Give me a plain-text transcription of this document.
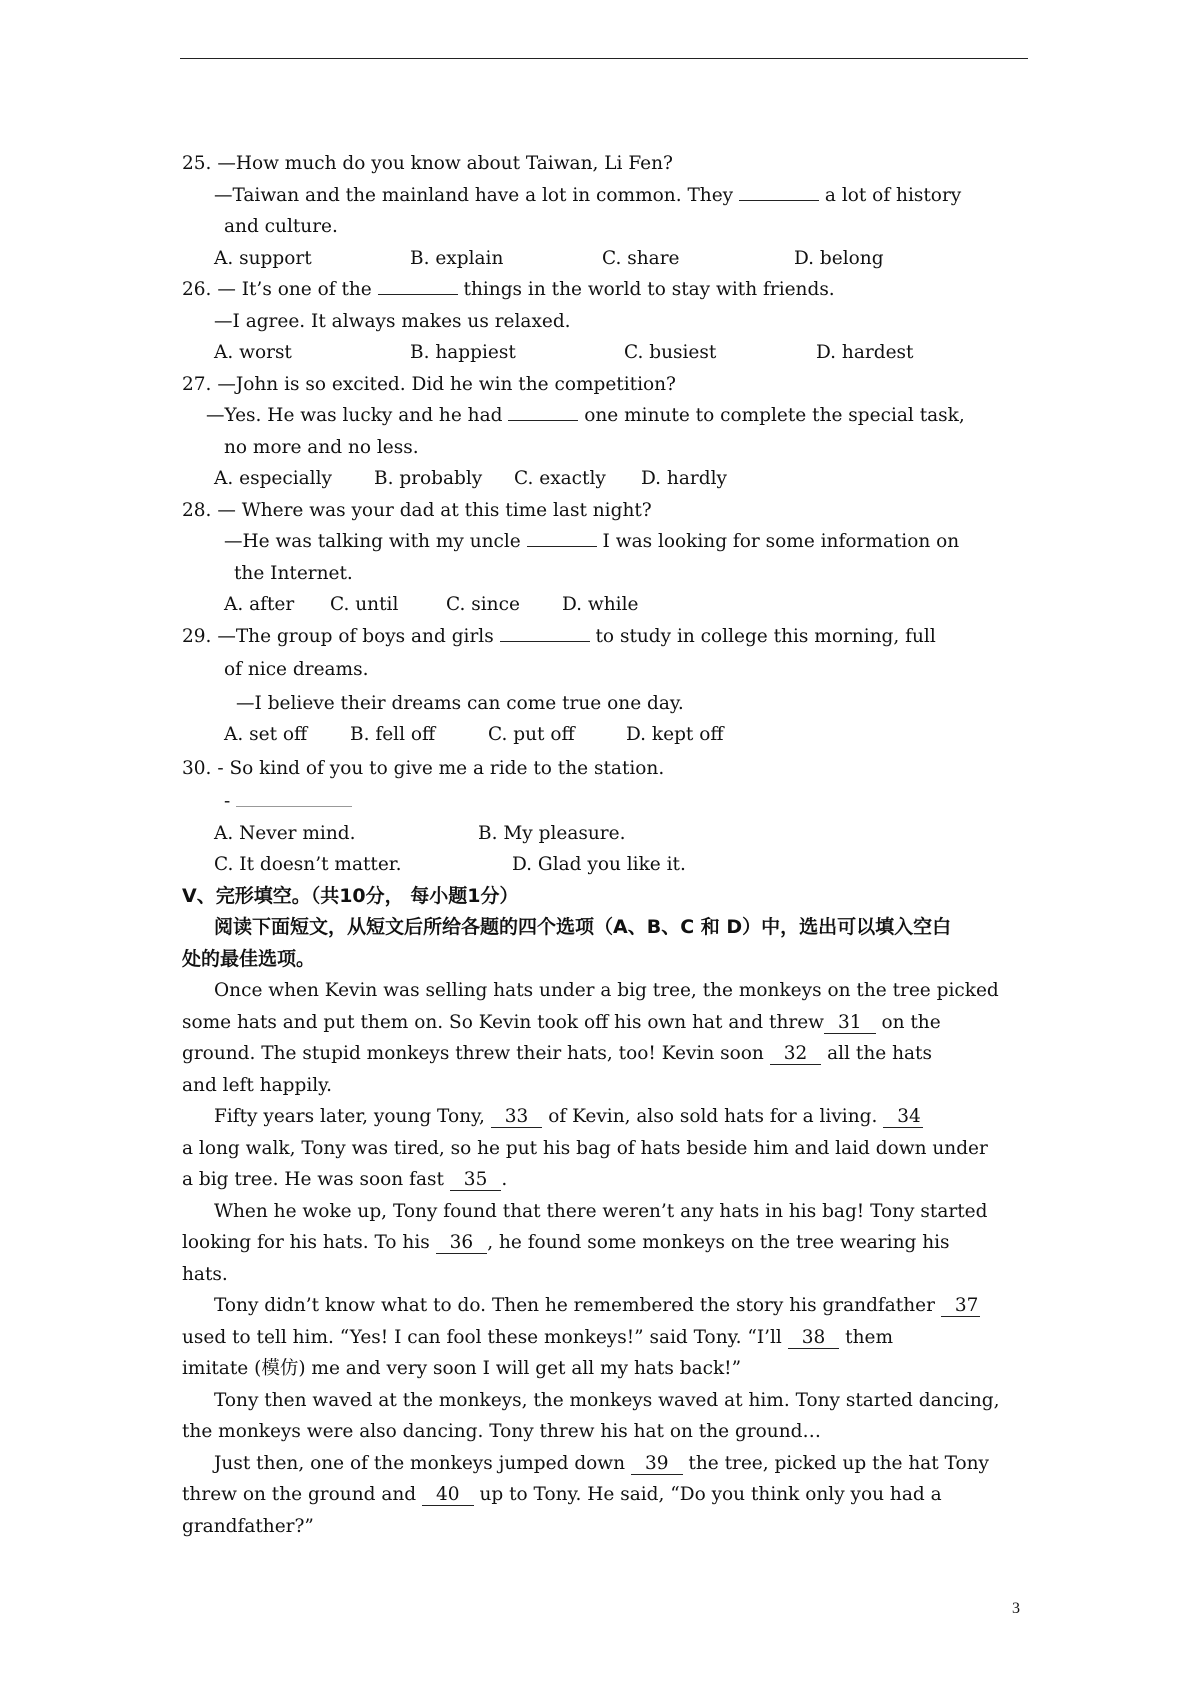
25. —How much do you know about Taiwan, Li Fen?
—Taiwan and the mainland have a lot in common. They	a lot of history
and culture.
A. support	B. explain	C. share	D. belong
26. — It’s one of the	things in the world to stay with friends.
—I agree. It always makes us relaxed.
A. worst	B. happiest	C. busiest	D. hardest
27. —John is so excited. Did he win the competition?
—Yes. He was lucky and he had	one minute to complete the special task,
no more and no less.
A. especially B. probably C. exactly D. hardly
28. — Where was your dad at this time last night?
—He was talking with my uncle	I was looking for some information on
the Internet.
A. after C. until	C. since D. while
29. —The group of boys and girls	to study in college this morning, full
of nice dreams.
—I believe their dreams can come true one day.
A. set off B. fell off	C. put off	D. kept off
30. - So kind of you to give me a ride to the station.
-
A. Never mind.	B. My pleasure.
C. It doesn’t matter.	D. Glad you like it.
Ⅴ、完形填空。（共10分， 每小题1分）
阅读下面短文，从短文后所给各题的四个选项（A、B、C 和 D）中，选出可以填入空白
处的最佳选项。
Once when Kevin was selling hats under a big tree, the monkeys on the tree picked
some hats and put them on. So Kevin took off his own hat and threw 31 on the
ground. The stupid monkeys threw their hats, too! Kevin soon 32 all the hats
and left happily.
Fifty years later, young Tony, 33 of Kevin, also sold hats for a living. 34
a long walk, Tony was tired, so he put his bag of hats beside him and laid down under
a big tree. He was soon fast 35 .
When he woke up, Tony found that there weren’t any hats in his bag! Tony started
looking for his hats. To his 36 , he found some monkeys on the tree wearing his
hats.
Tony didn’t know what to do. Then he remembered the story his grandfather 37
used to tell him. “Yes! I can fool these monkeys!” said Tony. “I’ll 38 them
imitate (模仿) me and very soon I will get all my hats back!”
Tony then waved at the monkeys, the monkeys waved at him. Tony started dancing,
the monkeys were also dancing. Tony threw his hat on the ground…
Just then, one of the monkeys jumped down 39 the tree, picked up the hat Tony
threw on the ground and 40 up to Tony. He said, “Do you think only you had a
grandfather?”
3
